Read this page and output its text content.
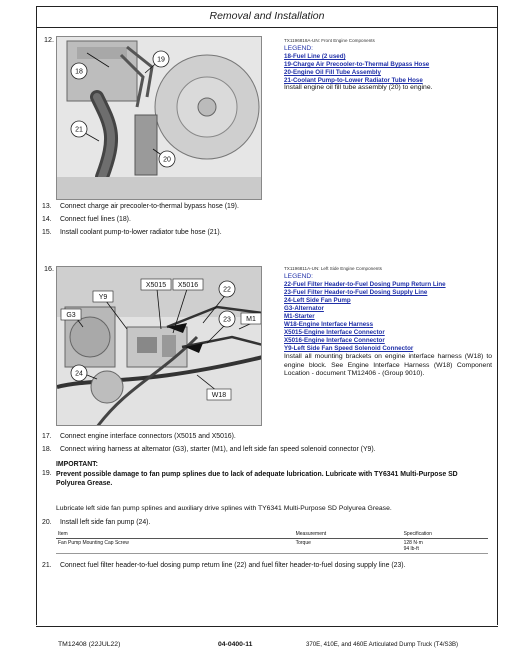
Removal and Installation
12.
18
19
21
20
TX1196818A-UN: Front Engine Components
LEGEND:
18-Fuel Line (2 used)
19-Charge Air Precooler-to-Thermal Bypass Hose
20-Engine Oil Fill Tube Assembly
21-Coolant Pump-to-Lower Radiator Tube Hose
Install engine oil fill tube assembly (20) to engine.
13. Connect charge air precooler-to-thermal bypass hose (19).
14. Connect fuel lines (18).
15. Install coolant pump-to-lower radiator tube hose (21).
16.
X5015 X5016
Y9
G3
M1
W18
22
23
24
TX1196811A-UN: Left Side Engine Components
LEGEND:
22-Fuel Filter Header-to-Fuel Dosing Pump Return Line
23-Fuel Filter Header-to-Fuel Dosing Supply Line
24-Left Side Fan Pump
G3-Alternator
M1-Starter
W18-Engine Interface Harness
X5015-Engine Interface Connector
X5016-Engine Interface Connector
Y9-Left Side Fan Speed Solenoid Connector
Install all mounting brackets on engine interface harness (W18) to engine block. See Engine Interface Harness (W18) Component Location - document TM12406 - (Group 9010).
17. Connect engine interface connectors (X5015 and X5016).
18. Connect wiring harness at alternator (G3), starter (M1), and left side fan speed solenoid connector (Y9).
IMPORTANT:
19. Prevent possible damage to fan pump splines due to lack of adequate lubrication. Lubricate with TY6341 Multi-Purpose SD Polyurea Grease.
Lubricate left side fan pump splines and auxiliary drive splines with TY6341 Multi-Purpose SD Polyurea Grease.
20. Install left side fan pump (24).
Item	Measurement	Specification
Fan Pump Mounting Cap Screw	Torque	128 N·m
94 lb-ft
21. Connect fuel filter header-to-fuel dosing pump return line (22) and fuel filter header-to-fuel dosing supply line (23).
TM12408 (22JUL22)	04-0400-11	370E, 410E, and 460E Articulated Dump Truck (T4/S3B)
